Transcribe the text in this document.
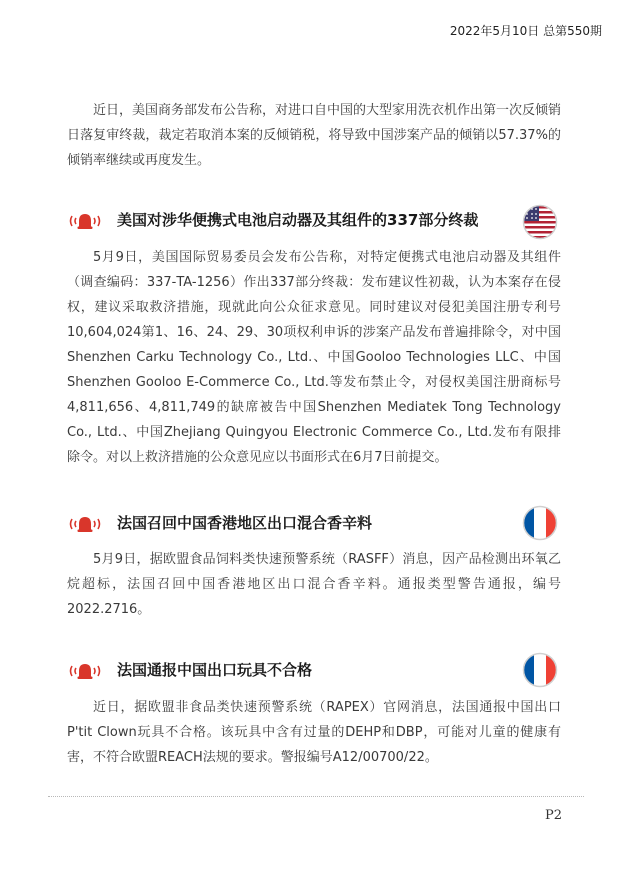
2022年5月10日 总第550期

近日，美国商务部发布公告称，对进口自中国的大型家用洗衣机作出第一次反倾销日落复审终裁，裁定若取消本案的反倾销税，将导致中国涉案产品的倾销以57.37%的倾销率继续或再度发生。

美国对涉华便携式电池启动器及其组件的337部分终裁

5月9日，美国国际贸易委员会发布公告称，对特定便携式电池启动器及其组件（调查编码：337-TA-1256）作出337部分终裁：发布建议性初裁，认为本案存在侵权，建议采取救济措施，现就此向公众征求意见。同时建议对侵犯美国注册专利号10,604,024第1、16、24、29、30项权利申诉的涉案产品发布普遍排除令，对中国Shenzhen Carku Technology Co., Ltd.、中国Gooloo Technologies LLC、中国Shenzhen Gooloo E-Commerce Co., Ltd.等发布禁止令，对侵权美国注册商标号4,811,656、4,811,749的缺席被告中国Shenzhen Mediatek Tong Technology Co., Ltd.、中国Zhejiang Quingyou Electronic Commerce Co., Ltd.发布有限排除令。对以上救济措施的公众意见应以书面形式在6月7日前提交。

法国召回中国香港地区出口混合香辛料

5月9日，据欧盟食品饲料类快速预警系统（RASFF）消息，因产品检测出环氧乙烷超标，法国召回中国香港地区出口混合香辛料。通报类型警告通报，编号2022.2716。

法国通报中国出口玩具不合格

近日，据欧盟非食品类快速预警系统（RAPEX）官网消息，法国通报中国出口P'tit Clown玩具不合格。该玩具中含有过量的DEHP和DBP，可能对儿童的健康有害，不符合欧盟REACH法规的要求。警报编号A12/00700/22。

P2
